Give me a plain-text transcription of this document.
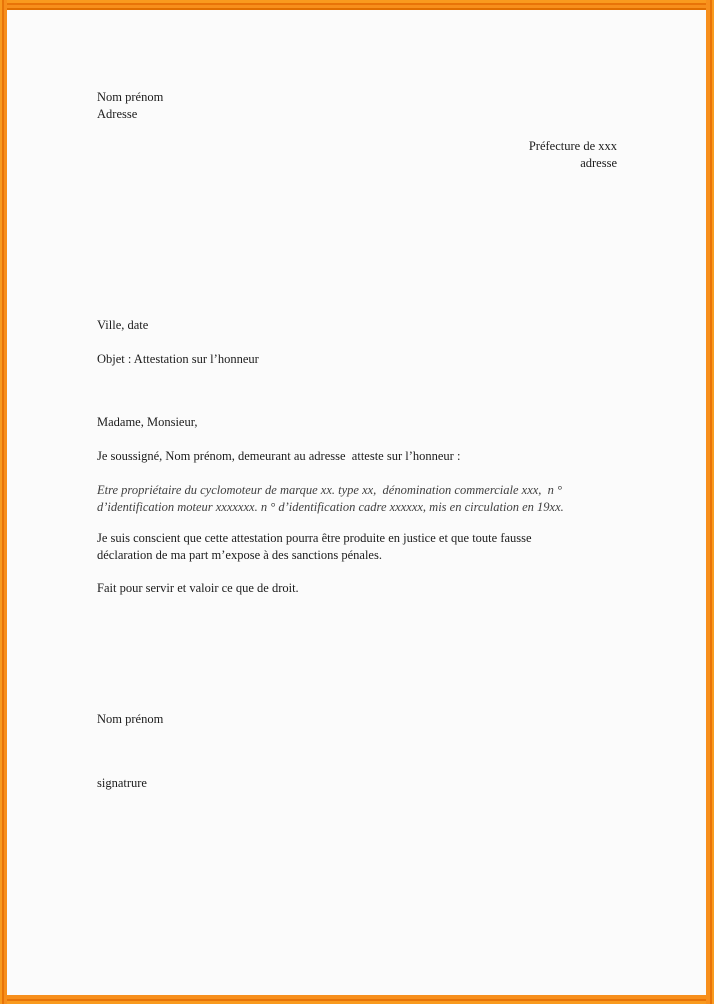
Nom prénom
Adresse
Préfecture de xxx
adresse
Ville, date
Objet : Attestation sur l’honneur
Madame, Monsieur,
Je soussigné, Nom prénom, demeurant au adresse  atteste sur l’honneur :
Etre propriétaire du cyclomoteur de marque xx. type xx,  dénomination commerciale xxx,  n °
d’identification moteur xxxxxxx. n ° d’identification cadre xxxxxx, mis en circulation en 19xx.
Je suis conscient que cette attestation pourra être produite en justice et que toute fausse
déclaration de ma part m’expose à des sanctions pénales.
Fait pour servir et valoir ce que de droit.
Nom prénom
signatrure
